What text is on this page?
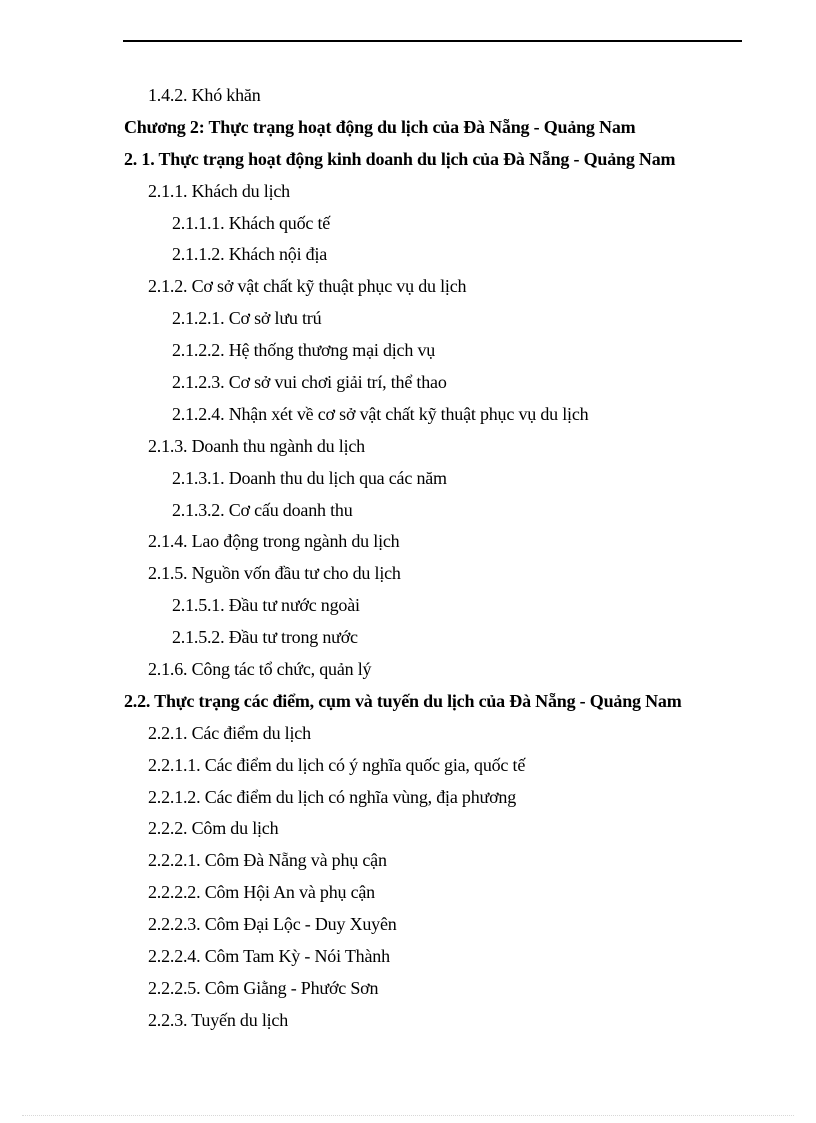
1.4.2. Khó khăn
Chương 2: Thực trạng hoạt động du lịch của Đà Nẵng - Quảng Nam
2. 1. Thực trạng hoạt động kinh doanh du lịch của Đà Nẵng - Quảng Nam
2.1.1. Khách du lịch
2.1.1.1. Khách quốc tế
2.1.1.2. Khách nội địa
2.1.2. Cơ sở vật chất kỹ thuật phục vụ du lịch
2.1.2.1. Cơ sở lưu trú
2.1.2.2. Hệ thống thương mại dịch vụ
2.1.2.3. Cơ sở vui chơi giải trí, thể thao
2.1.2.4. Nhận xét về cơ sở vật chất kỹ thuật phục vụ du lịch
2.1.3. Doanh thu ngành du lịch
2.1.3.1. Doanh thu du lịch qua các năm
2.1.3.2. Cơ cấu doanh thu
2.1.4. Lao động trong ngành du lịch
2.1.5. Nguồn vốn đầu tư cho du lịch
2.1.5.1. Đầu tư nước ngoài
2.1.5.2. Đầu tư trong nước
2.1.6. Công tác tổ chức, quản lý
2.2. Thực trạng các điểm, cụm và tuyến du lịch của Đà Nẵng - Quảng Nam
2.2.1. Các điểm du lịch
2.2.1.1. Các điểm du lịch có ý nghĩa quốc gia, quốc tế
2.2.1.2. Các điểm du lịch có nghĩa vùng, địa phương
2.2.2. Côm du lịch
2.2.2.1. Côm Đà Nẵng và phụ cận
2.2.2.2. Côm Hội An và phụ cận
2.2.2.3. Côm Đại Lộc - Duy Xuyên
2.2.2.4. Côm Tam Kỳ - Nói Thành
2.2.2.5. Côm Giằng - Phước Sơn
2.2.3. Tuyến du lịch
